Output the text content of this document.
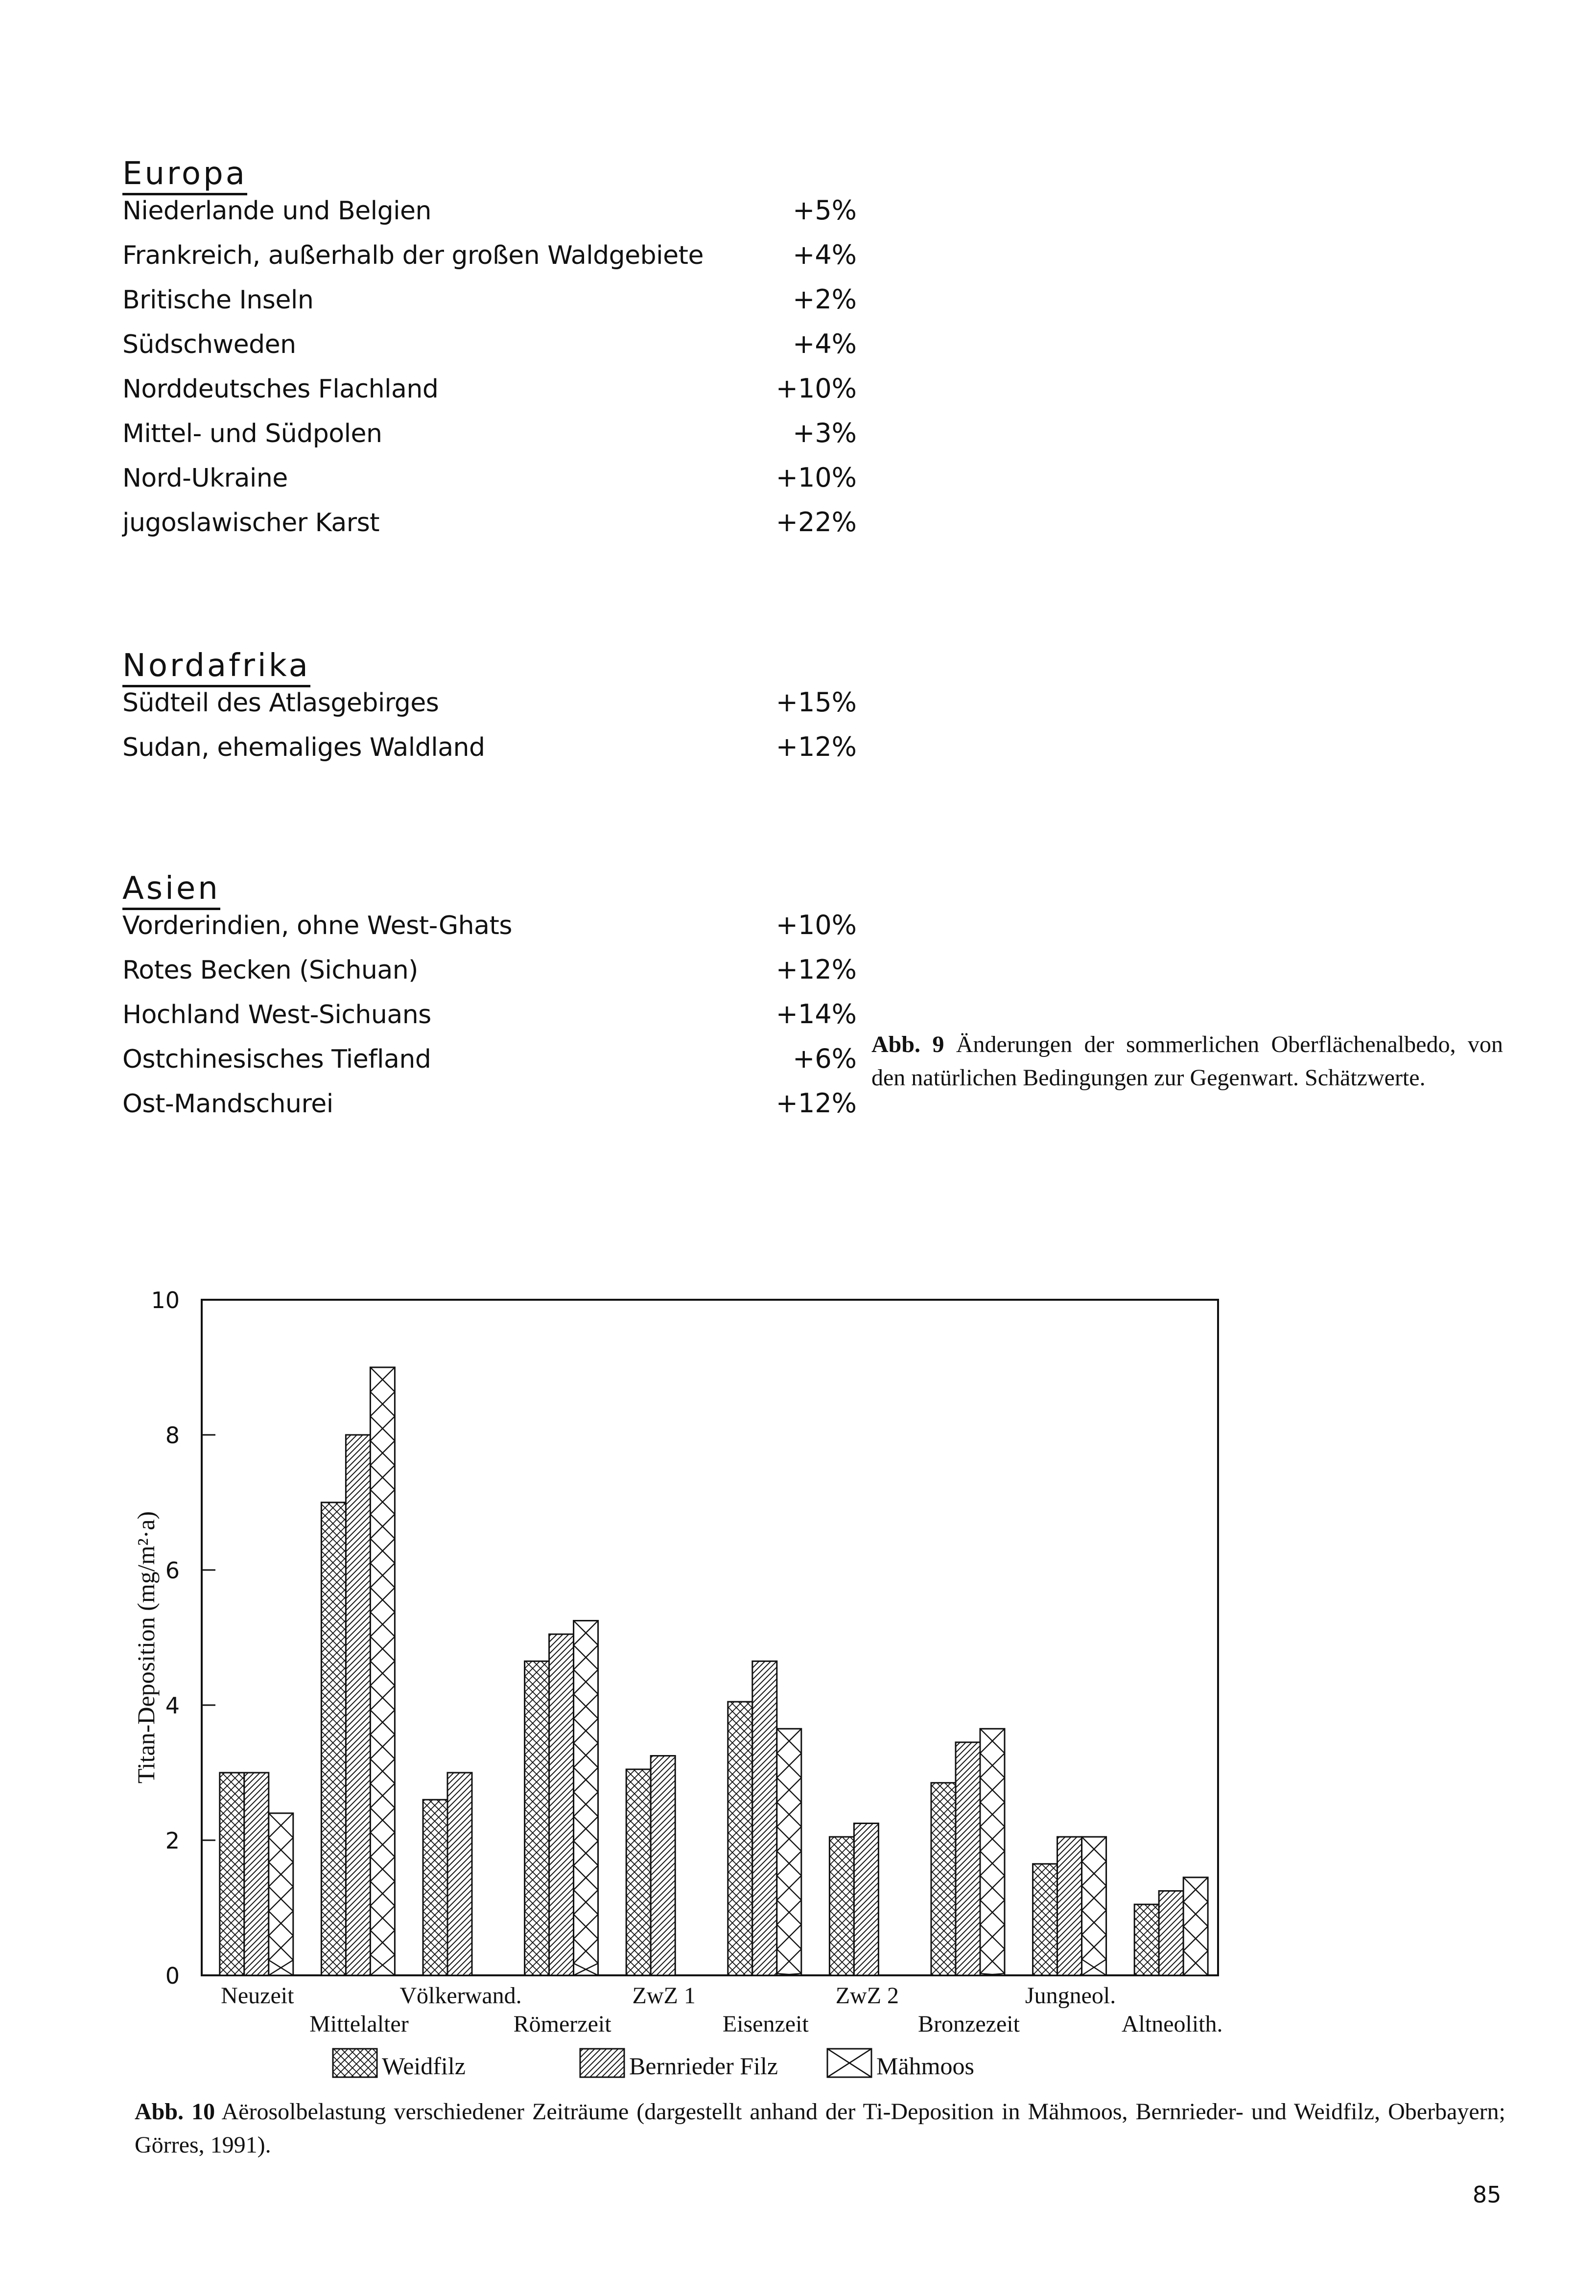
Europa
Niederlande und Belgien	+5%
Frankreich, außerhalb der großen Waldgebiete	+4%
Britische Inseln	+2%
Südschweden	+4%
Norddeutsches Flachland	+10%
Mittel- und Südpolen	+3%
Nord-Ukraine	+10%
jugoslawischer Karst	+22%
Nordafrika
Südteil des Atlasgebirges	+15%
Sudan, ehemaliges Waldland	+12%
Asien
Vorderindien, ohne West-Ghats	+10%
Rotes Becken (Sichuan)	+12%
Hochland West-Sichuans	+14%
Ostchinesisches Tiefland	+6%
Ost-Mandschurei	+12%
Abb. 9 Änderungen der sommerlichen Oberflächenalbedo, von den natürlichen Bedingungen zur Gegenwart. Schätzwerte.
0
2
4
6
8
10
Titan-Deposition (mg/m²·a)
Neuzeit
Mittelalter
Völkerwand.
Römerzeit
ZwZ 1
Eisenzeit
ZwZ 2
Bronzezeit
Jungneol.
Altneolith.
Weidfilz	Bernrieder Filz	Mähmoos
Abb. 10 Aërosolbelastung verschiedener Zeiträume (dargestellt anhand der Ti-Deposition in Mähmoos, Bernrieder- und Weidfilz, Oberbayern; Görres, 1991).
85
